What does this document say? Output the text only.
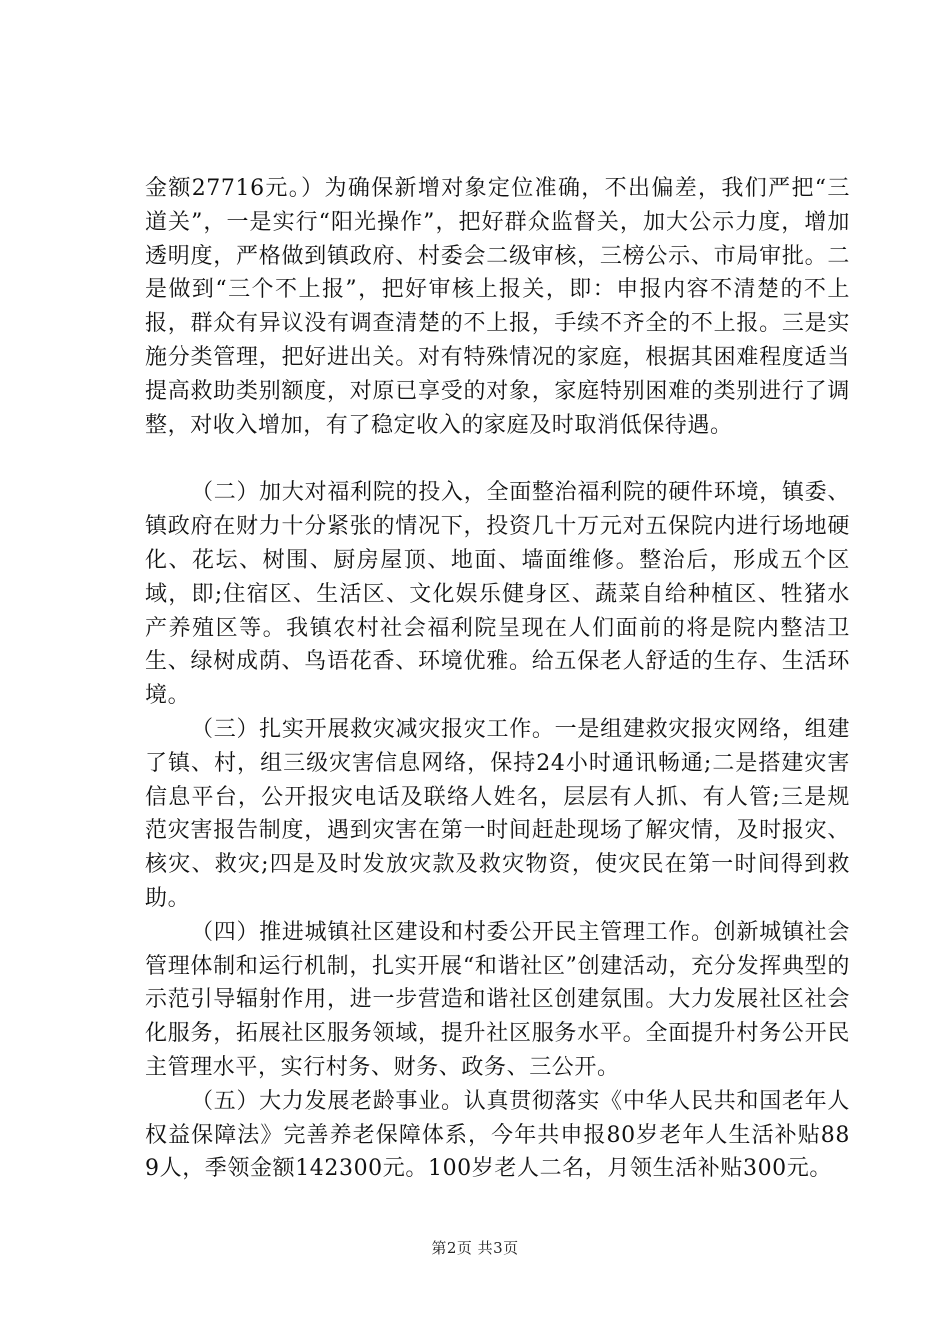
金额27716元。）为确保新增对象定位准确，不出偏差，我们严把“三道关”，一是实行“阳光操作”，把好群众监督关，加大公示力度，增加透明度，严格做到镇政府、村委会二级审核，三榜公示、市局审批。二是做到“三个不上报”，把好审核上报关，即：申报内容不清楚的不上报，群众有异议没有调查清楚的不上报，手续不齐全的不上报。三是实施分类管理，把好进出关。对有特殊情况的家庭，根据其困难程度适当提高救助类别额度，对原已享受的对象，家庭特别困难的类别进行了调整，对收入增加，有了稳定收入的家庭及时取消低保待遇。

（二）加大对福利院的投入，全面整治福利院的硬件环境，镇委、镇政府在财力十分紧张的情况下，投资几十万元对五保院内进行场地硬化、花坛、树围、厨房屋顶、地面、墙面维修。整治后，形成五个区域，即;住宿区、生活区、文化娱乐健身区、蔬菜自给种植区、牲猪水产养殖区等。我镇农村社会福利院呈现在人们面前的将是院内整洁卫生、绿树成荫、鸟语花香、环境优雅。给五保老人舒适的生存、生活环境。

（三）扎实开展救灾减灾报灾工作。一是组建救灾报灾网络，组建了镇、村，组三级灾害信息网络，保持24小时通讯畅通;二是搭建灾害信息平台，公开报灾电话及联络人姓名，层层有人抓、有人管;三是规范灾害报告制度，遇到灾害在第一时间赶赴现场了解灾情，及时报灾、核灾、救灾;四是及时发放灾款及救灾物资，使灾民在第一时间得到救助。

（四）推进城镇社区建设和村委公开民主管理工作。创新城镇社会管理体制和运行机制，扎实开展“和谐社区”创建活动，充分发挥典型的示范引导辐射作用，进一步营造和谐社区创建氛围。大力发展社区社会化服务，拓展社区服务领域，提升社区服务水平。全面提升村务公开民主管理水平，实行村务、财务、政务、三公开。

（五）大力发展老龄事业。认真贯彻落实《中华人民共和国老年人权益保障法》完善养老保障体系，今年共申报80岁老年人生活补贴889人，季领金额142300元。100岁老人二名，月领生活补贴300元。

第2页 共3页
